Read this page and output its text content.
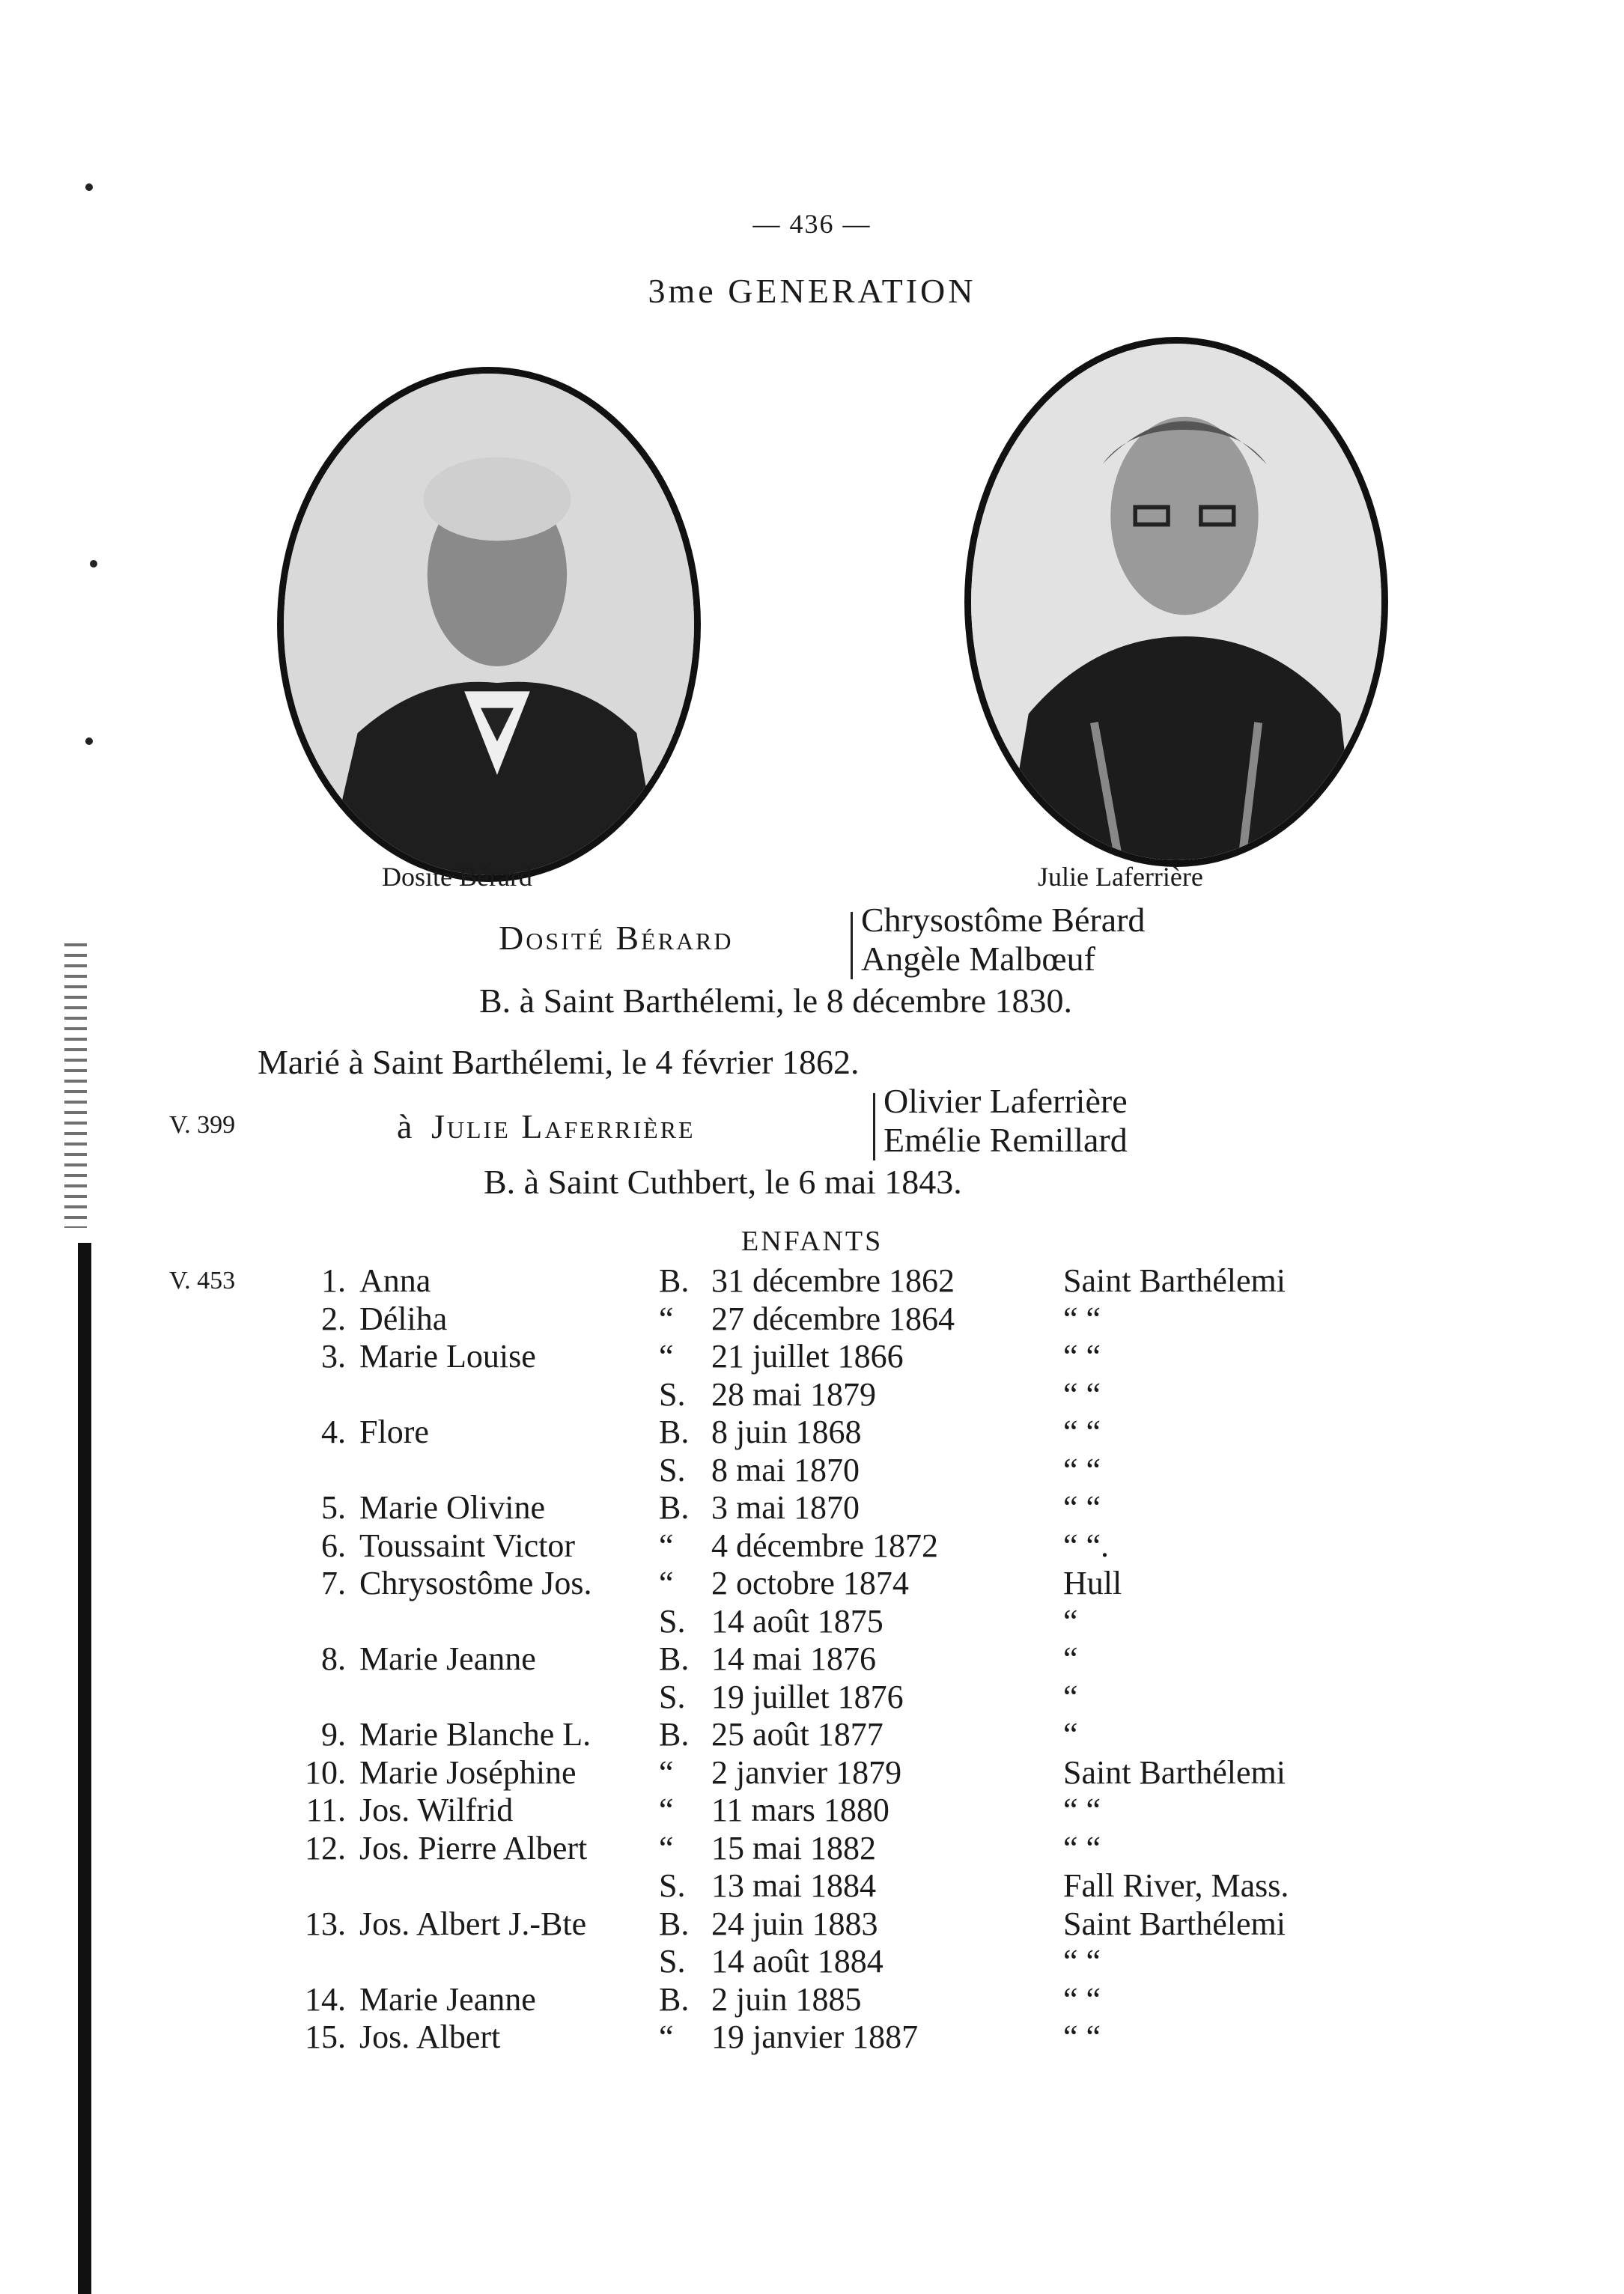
— 436 —
3me GENERATION
Dosite Bérard	Julie Laferrière
Dosité Bérard	Chrysostôme Bérard
Angèle Malbœuf
B. à Saint Barthélemi, le 8 décembre 1830.
Marié à Saint Barthélemi, le 4 février 1862.
V. 399	à Julie Laferrière
Olivier Laferrière
Emélie Remillard
B. à Saint Cuthbert, le 6 mai 1843.
ENFANTS
V. 453	1.	Anna	B.	31 décembre 1862	Saint Barthélemi
2.	Déliha	“	27 décembre 1864	“ “
3.	Marie Louise	“	21 juillet 1866	“ “
		S.	28 mai 1879	“ “
4.	Flore	B.	8 juin 1868	“ “
		S.	8 mai 1870	“ “
5.	Marie Olivine	B.	3 mai 1870	“ “
6.	Toussaint Victor	“	4 décembre 1872	“ “.
7.	Chrysostôme Jos.	“	2 octobre 1874	Hull
		S.	14 août 1875	“
8.	Marie Jeanne	B.	14 mai 1876	“
		S.	19 juillet 1876	“
9.	Marie Blanche L.	B.	25 août 1877	“
10.	Marie Joséphine	“	2 janvier 1879	Saint Barthélemi
11.	Jos. Wilfrid	“	11 mars 1880	“ “
12.	Jos. Pierre Albert	“	15 mai 1882	“ “
		S.	13 mai 1884	Fall River, Mass.
13.	Jos. Albert J.-Bte	B.	24 juin 1883	Saint Barthélemi
		S.	14 août 1884	“ “
14.	Marie Jeanne	B.	2 juin 1885	“ “
15.	Jos. Albert	“	19 janvier 1887	“ “
